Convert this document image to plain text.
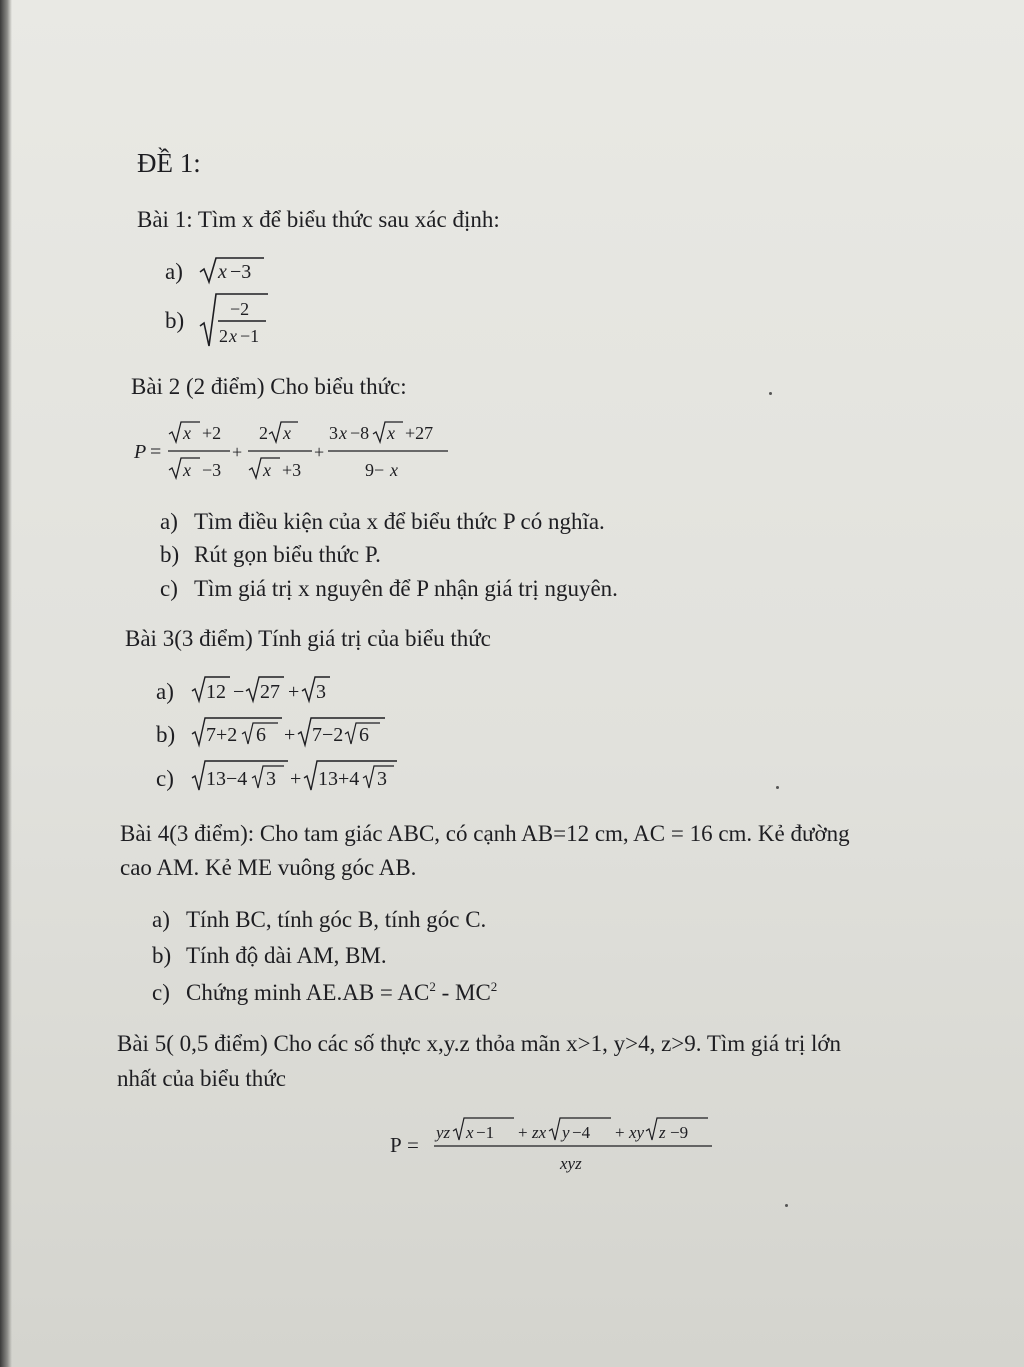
ĐỀ 1:
Bài 1: Tìm x để biểu thức sau xác định:
a) x −3
b)	−2
2 x −1
Bài 2 (2 điểm) Cho biểu thức:
P =
x +2
x −3
+
2 x
x +3
+
3 x −8 x +27
9− x
a) Tìm điều kiện của x để biểu thức P có nghĩa.
b) Rút gọn biểu thức P.
c) Tìm giá trị x nguyên để P nhận giá trị nguyên.
Bài 3(3 điểm) Tính giá trị của biểu thức
a) 12 − 27 + 3
b) 7+2 6 + 7−2 6
c) 13−4 3 + 13+4 3
Bài 4(3 điểm): Cho tam giác ABC, có cạnh AB=12 cm, AC = 16 cm. Kẻ đường
cao AM. Kẻ ME vuông góc AB.
a) Tính BC, tính góc B, tính góc C.
b) Tính độ dài AM, BM.
c) Chứng minh $AE.AB = AC^2 - MC^2$
Bài 5( 0,5 điểm) Cho các số thực x,y.z thỏa mãn x>1, y>4, z>9. Tìm giá trị lớn
nhất của biểu thức
P =
yz x −1 + zx y −4 + xy z −9
xyz
